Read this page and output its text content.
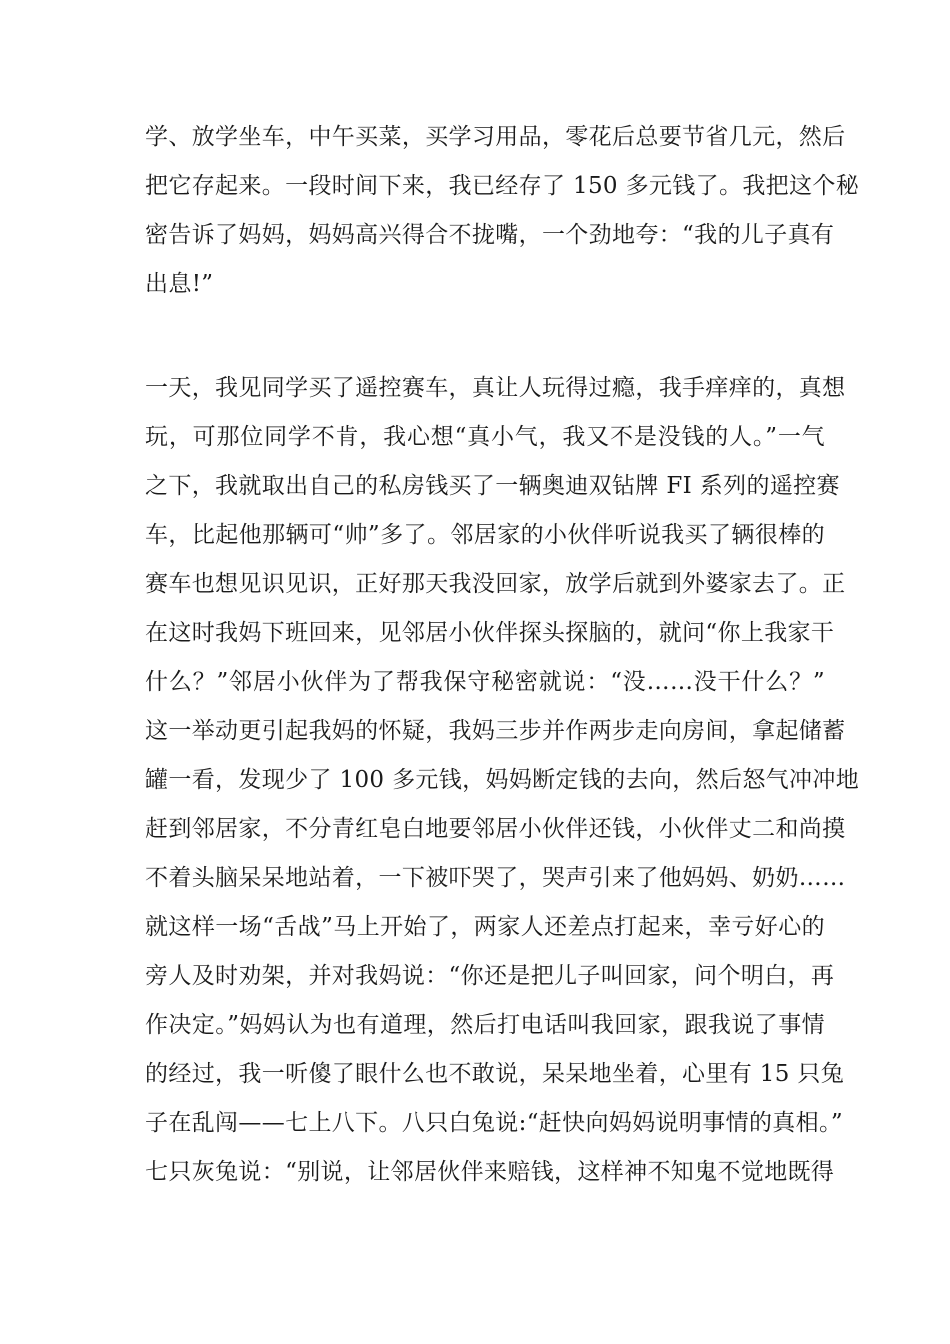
学、放学坐车，中午买菜，买学习用品，零花后总要节省几元，然后
把它存起来。一段时间下来，我已经存了 150 多元钱了。我把这个秘
密告诉了妈妈，妈妈高兴得合不拢嘴，一个劲地夸：“我的儿子真有
出息!”
一天，我见同学买了遥控赛车，真让人玩得过瘾，我手痒痒的，真想
玩，可那位同学不肯，我心想“真小气，我又不是没钱的人。”一气
之下，我就取出自己的私房钱买了一辆奥迪双钻牌 FI 系列的遥控赛
车，比起他那辆可“帅”多了。邻居家的小伙伴听说我买了辆很棒的
赛车也想见识见识，正好那天我没回家，放学后就到外婆家去了。正
在这时我妈下班回来，见邻居小伙伴探头探脑的，就问“你上我家干
什么？”邻居小伙伴为了帮我保守秘密就说：“没……没干什么？”
这一举动更引起我妈的怀疑，我妈三步并作两步走向房间，拿起储蓄
罐一看，发现少了 100 多元钱，妈妈断定钱的去向，然后怒气冲冲地
赶到邻居家，不分青红皂白地要邻居小伙伴还钱，小伙伴丈二和尚摸
不着头脑呆呆地站着，一下被吓哭了，哭声引来了他妈妈、奶奶……
就这样一场“舌战”马上开始了，两家人还差点打起来，幸亏好心的
旁人及时劝架，并对我妈说：“你还是把儿子叫回家，问个明白，再
作决定。”妈妈认为也有道理，然后打电话叫我回家，跟我说了事情
的经过，我一听傻了眼什么也不敢说，呆呆地坐着，心里有 15 只兔
子在乱闯——七上八下。八只白兔说:“赶快向妈妈说明事情的真相。”
七只灰兔说：“别说，让邻居伙伴来赔钱，这样神不知鬼不觉地既得
